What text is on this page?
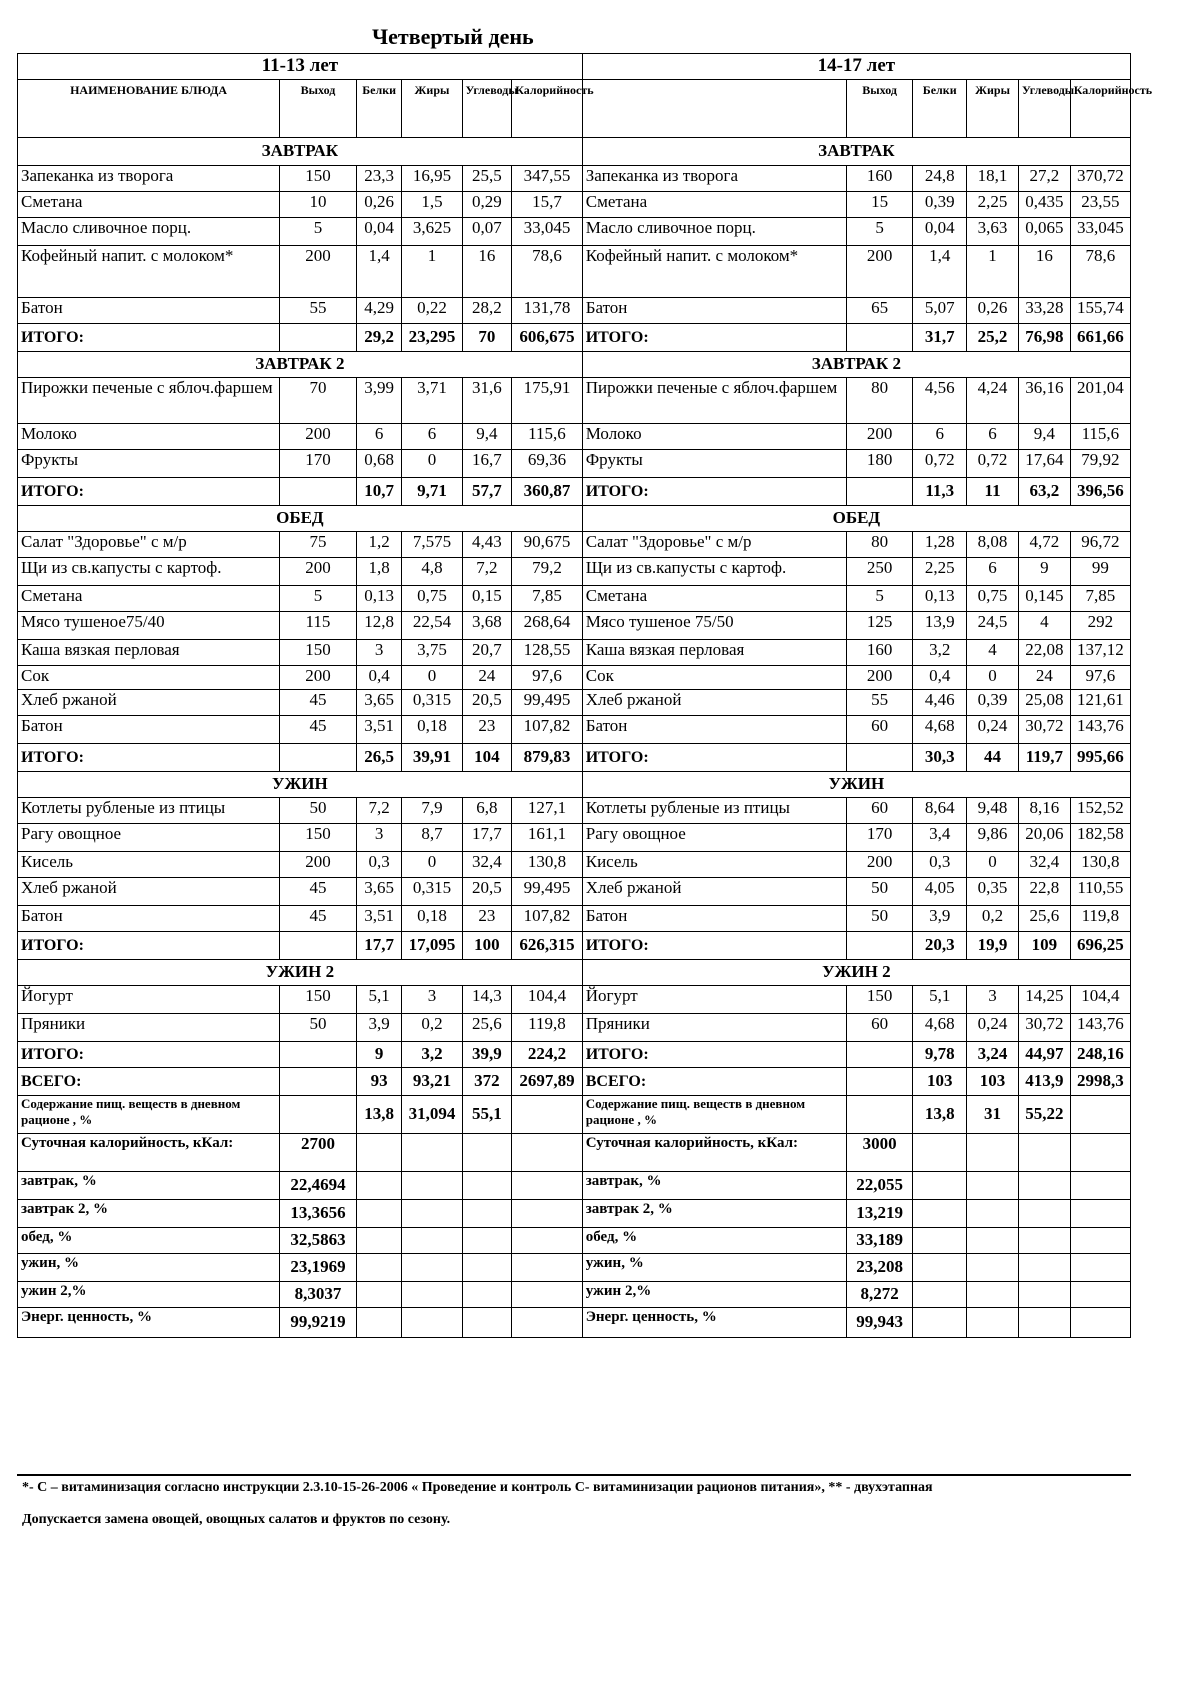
Четвертый день
11-13 лет						14-17 лет					
НАИМЕНОВАНИЕ БЛЮДА	Выход	Белки	Жиры	Углеводы	Калорийность		Выход	Белки	Жиры	Углеводы	Калорийность
ЗАВТРАК						ЗАВТРАК					
Запеканка из творога	150	23,3	16,95	25,5	347,55	Запеканка из творога	160	24,8	18,1	27,2	370,72
Сметана	10	0,26	1,5	0,29	15,7	Сметана	15	0,39	2,25	0,435	23,55
Масло сливочное порц.	5	0,04	3,625	0,07	33,045	Масло сливочное порц.	5	0,04	3,63	0,065	33,045
Кофейный напит. с молоком*	200	1,4	1	16	78,6	Кофейный напит. с молоком*	200	1,4	1	16	78,6
Батон	55	4,29	0,22	28,2	131,78	Батон	65	5,07	0,26	33,28	155,74
ИТОГО:		29,2	23,295	70	606,675	ИТОГО:		31,7	25,2	76,98	661,66
ЗАВТРАК 2						ЗАВТРАК 2					
Пирожки печеные с яблоч.фаршем	70	3,99	3,71	31,6	175,91	Пирожки печеные с яблоч.фаршем	80	4,56	4,24	36,16	201,04
Молоко	200	6	6	9,4	115,6	Молоко	200	6	6	9,4	115,6
Фрукты	170	0,68	0	16,7	69,36	Фрукты	180	0,72	0,72	17,64	79,92
ИТОГО:		10,7	9,71	57,7	360,87	ИТОГО:		11,3	11	63,2	396,56
ОБЕД						ОБЕД					
Салат "Здоровье" с м/р	75	1,2	7,575	4,43	90,675	Салат "Здоровье" с м/р	80	1,28	8,08	4,72	96,72
Щи из св.капусты с картоф.	200	1,8	4,8	7,2	79,2	Щи из св.капусты с картоф.	250	2,25	6	9	99
Сметана	5	0,13	0,75	0,15	7,85	Сметана	5	0,13	0,75	0,145	7,85
Мясо тушеное75/40	115	12,8	22,54	3,68	268,64	Мясо тушеное 75/50	125	13,9	24,5	4	292
Каша вязкая перловая	150	3	3,75	20,7	128,55	Каша вязкая перловая	160	3,2	4	22,08	137,12
Сок	200	0,4	0	24	97,6	Сок	200	0,4	0	24	97,6
Хлеб ржаной	45	3,65	0,315	20,5	99,495	Хлеб ржаной	55	4,46	0,39	25,08	121,61
Батон	45	3,51	0,18	23	107,82	Батон	60	4,68	0,24	30,72	143,76
ИТОГО:		26,5	39,91	104	879,83	ИТОГО:		30,3	44	119,7	995,66
УЖИН						УЖИН					
Котлеты рубленые из птицы	50	7,2	7,9	6,8	127,1	Котлеты рубленые из птицы	60	8,64	9,48	8,16	152,52
Рагу овощное	150	3	8,7	17,7	161,1	Рагу овощное	170	3,4	9,86	20,06	182,58
Кисель	200	0,3	0	32,4	130,8	Кисель	200	0,3	0	32,4	130,8
Хлеб ржаной	45	3,65	0,315	20,5	99,495	Хлеб ржаной	50	4,05	0,35	22,8	110,55
Батон	45	3,51	0,18	23	107,82	Батон	50	3,9	0,2	25,6	119,8
ИТОГО:		17,7	17,095	100	626,315	ИТОГО:		20,3	19,9	109	696,25
УЖИН 2						УЖИН 2					
Йогурт	150	5,1	3	14,3	104,4	Йогурт	150	5,1	3	14,25	104,4
Пряники	50	3,9	0,2	25,6	119,8	Пряники	60	4,68	0,24	30,72	143,76
ИТОГО:		9	3,2	39,9	224,2	ИТОГО:		9,78	3,24	44,97	248,16
ВСЕГО:		93	93,21	372	2697,89	ВСЕГО:		103	103	413,9	2998,3
Содержание пищ. веществ в дневном рационе , %		13,8	31,094	55,1		Содержание пищ. веществ в дневном рационе , %		13,8	31	55,22	
Суточная калорийность, кКал:	2700					Суточная калорийность, кКал:	3000				
завтрак, %	22,4694					завтрак, %	22,055				
завтрак 2, %	13,3656					завтрак 2, %	13,219				
обед, %	32,5863					обед, %	33,189				
ужин, %	23,1969					ужин, %	23,208				
ужин 2,%	8,3037					ужин 2,%	8,272				
Энерг. ценность, %	99,9219					Энерг. ценность, %	99,943				
*- С – витаминизация согласно инструкции 2.3.10-15-26-2006 « Проведение и контроль С- витаминизации рационов питания», ** - двухэтапная
Допускается замена овощей, овощных салатов и фруктов по сезону.
